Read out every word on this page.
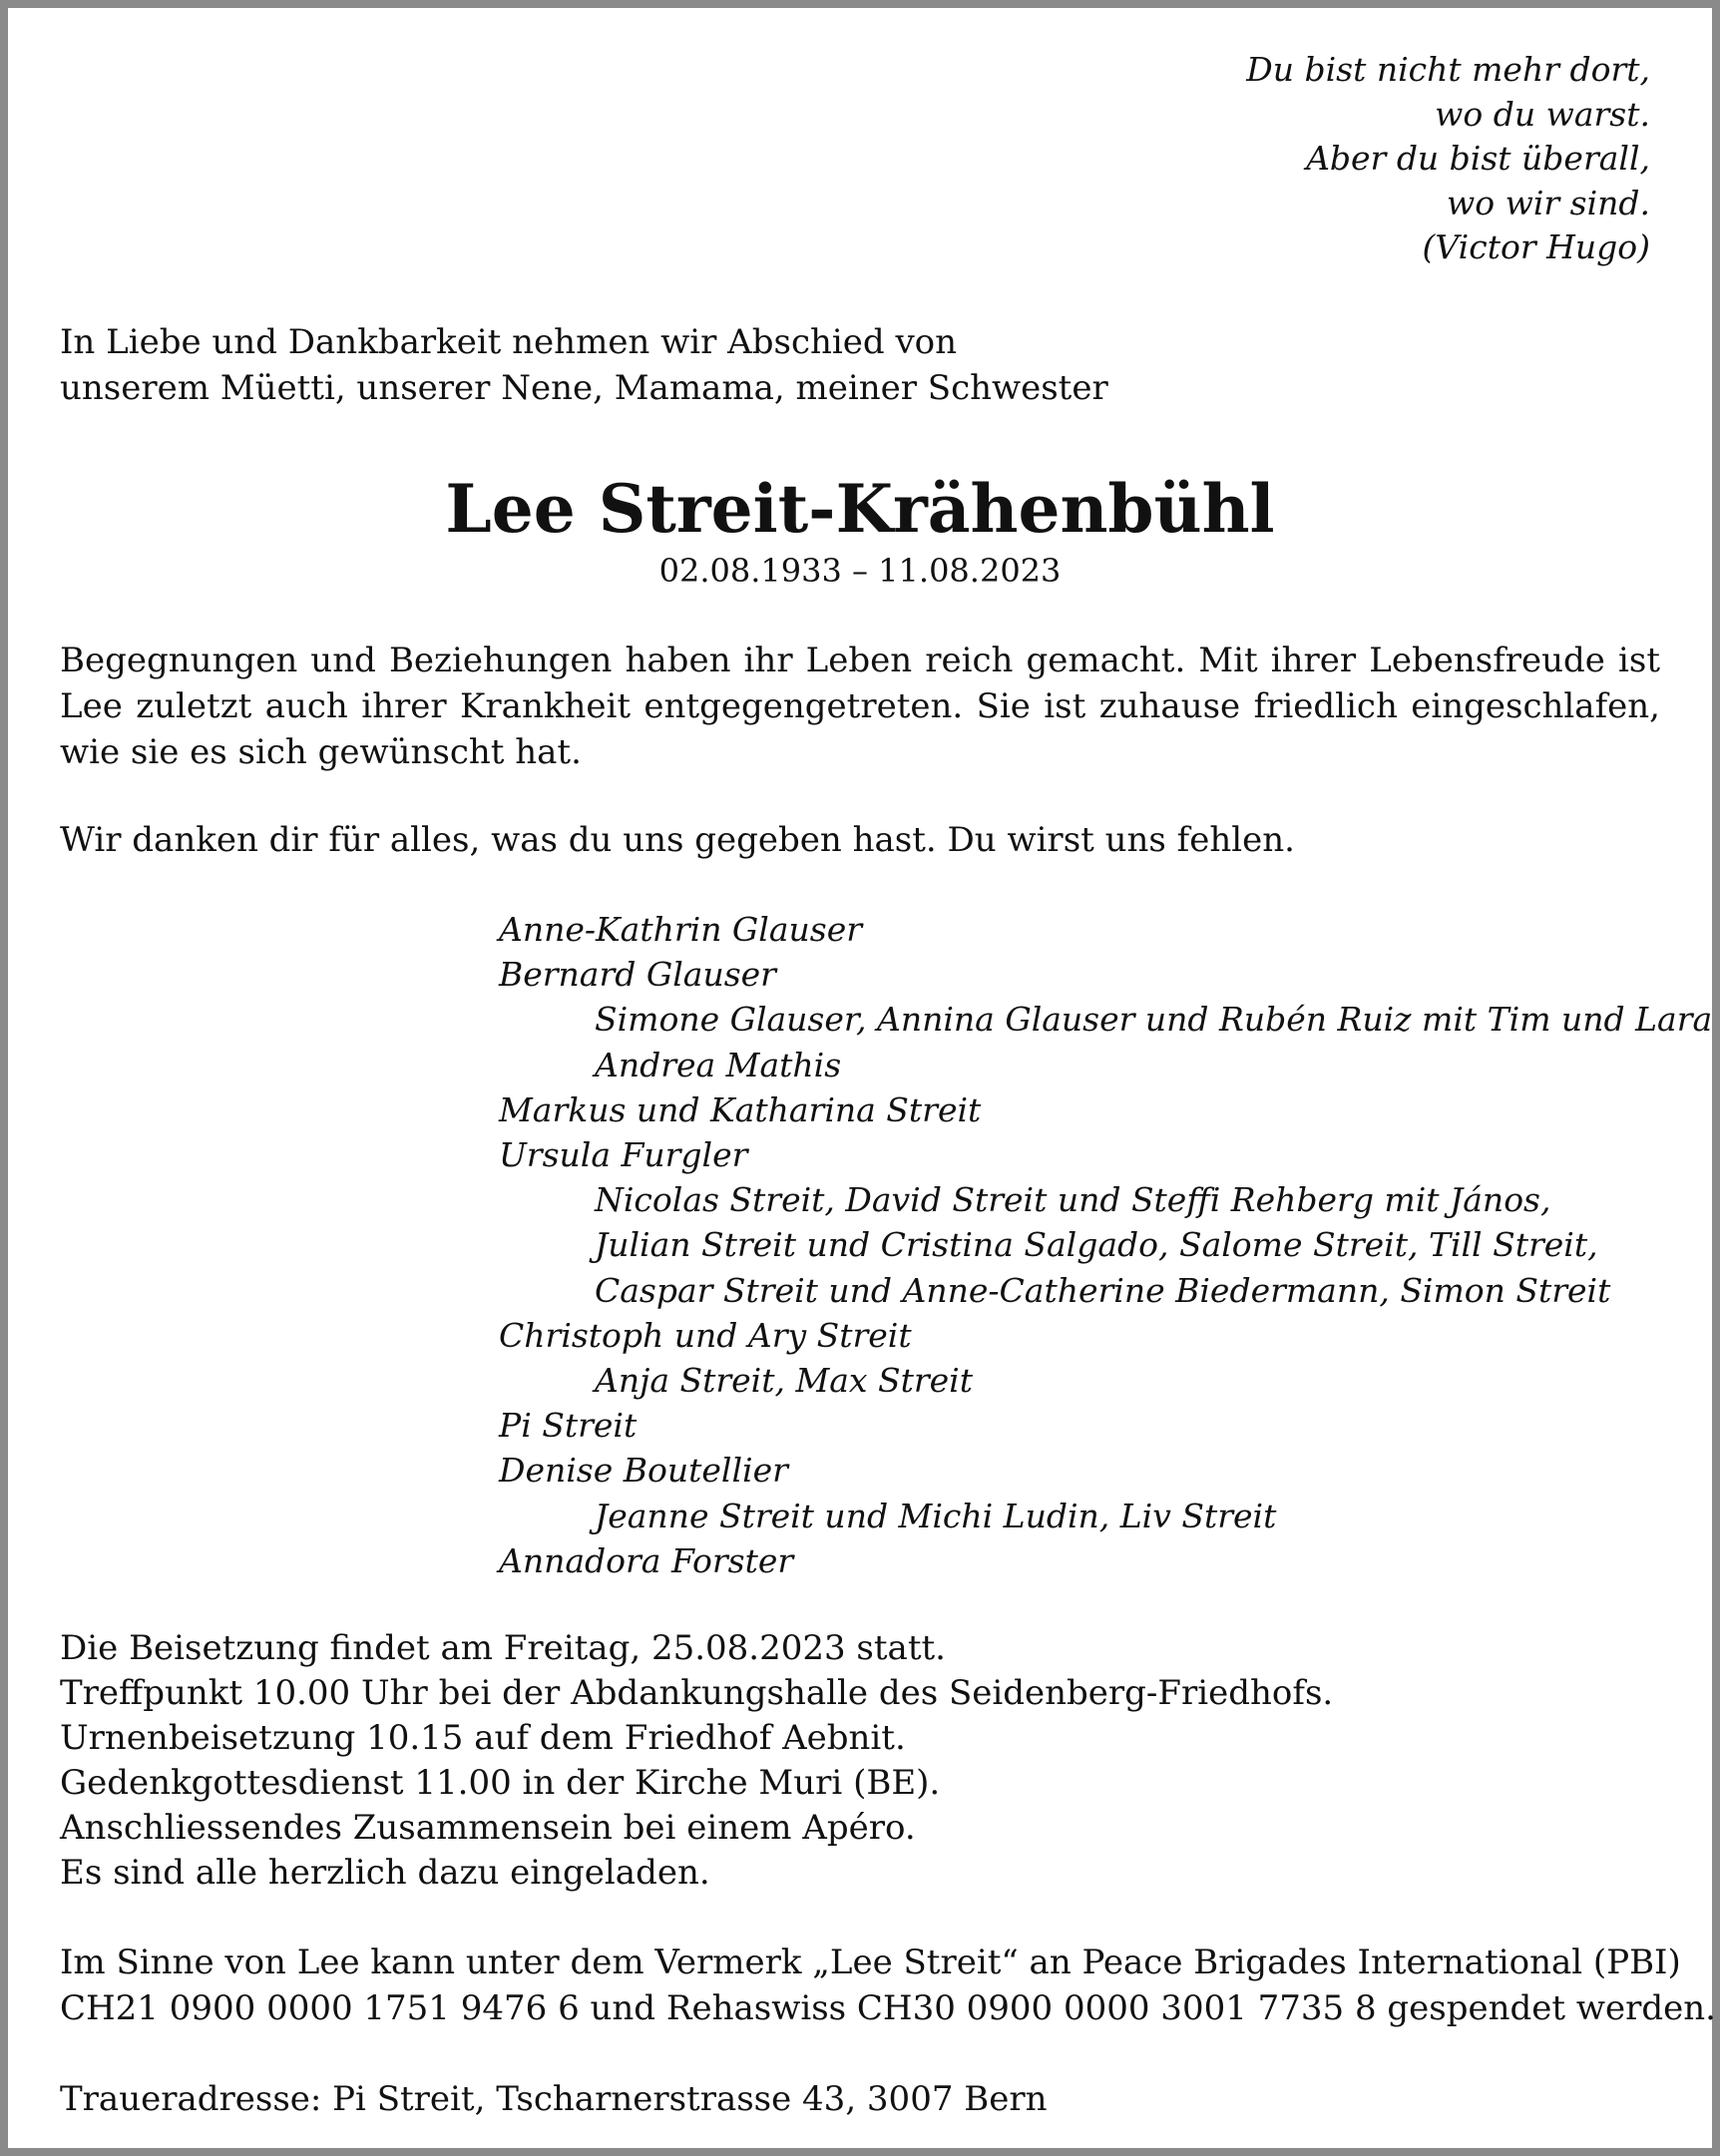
Du bist nicht mehr dort,
wo du warst.
Aber du bist überall,
wo wir sind.
(Victor Hugo)
In Liebe und Dankbarkeit nehmen wir Abschied von
unserem Müetti, unserer Nene, Mamama, meiner Schwester
Lee Streit-Krähenbühl
02.08.1933 – 11.08.2023
Begegnungen und Beziehungen haben ihr Leben reich gemacht. Mit ihrer Lebensfreude ist Lee zuletzt auch ihrer Krankheit entgegengetreten. Sie ist zuhause friedlich eingeschlafen, wie sie es sich gewünscht hat.
Wir danken dir für alles, was du uns gegeben hast. Du wirst uns fehlen.
Anne-Kathrin Glauser
Bernard Glauser
Simone Glauser, Annina Glauser und Rubén Ruiz mit Tim und Lara
Andrea Mathis
Markus und Katharina Streit
Ursula Furgler
Nicolas Streit, David Streit und Steffi Rehberg mit János,
Julian Streit und Cristina Salgado, Salome Streit, Till Streit,
Caspar Streit und Anne-Catherine Biedermann, Simon Streit
Christoph und Ary Streit
Anja Streit, Max Streit
Pi Streit
Denise Boutellier
Jeanne Streit und Michi Ludin, Liv Streit
Annadora Forster
Die Beisetzung findet am Freitag, 25.08.2023 statt.
Treffpunkt 10.00 Uhr bei der Abdankungshalle des Seidenberg-Friedhofs.
Urnenbeisetzung 10.15 auf dem Friedhof Aebnit.
Gedenkgottesdienst 11.00 in der Kirche Muri (BE).
Anschliessendes Zusammensein bei einem Apéro.
Es sind alle herzlich dazu eingeladen.
Im Sinne von Lee kann unter dem Vermerk „Lee Streit“ an Peace Brigades International (PBI)
CH21 0900 0000 1751 9476 6 und Rehaswiss CH30 0900 0000 3001 7735 8 gespendet werden.
Traueradresse: Pi Streit, Tscharnerstrasse 43, 3007 Bern
